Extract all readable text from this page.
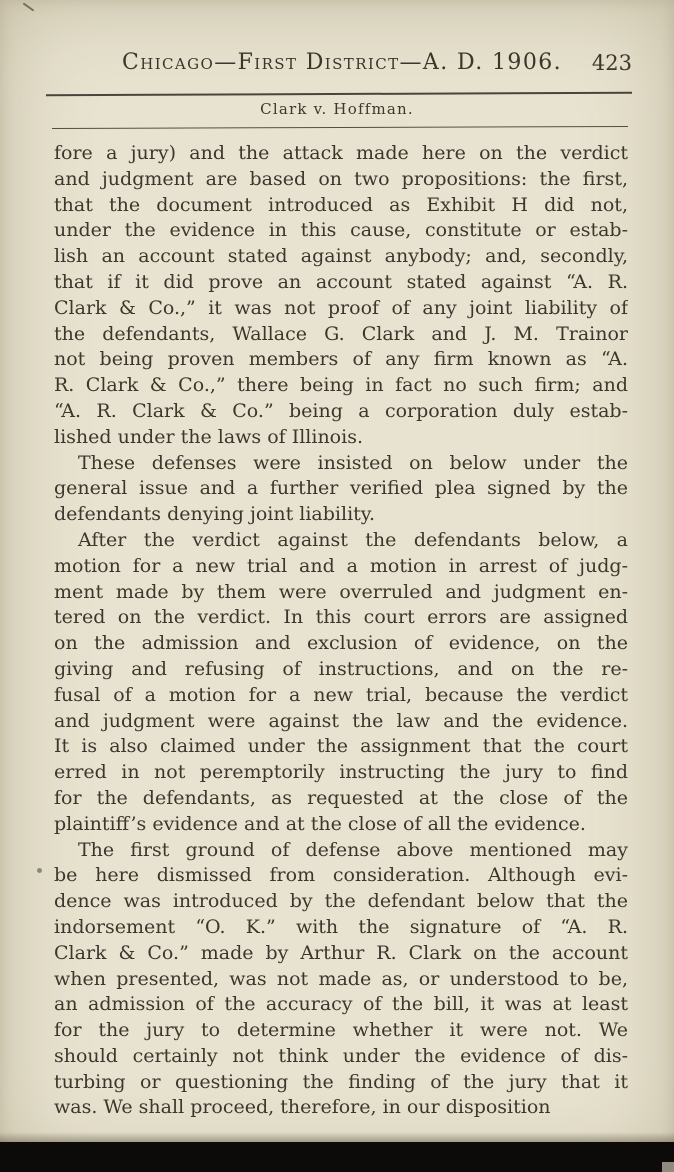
Chicago—First District—A. D. 1906.	423
Clark v. Hoffman.
fore a jury) and the attack made here on the verdict
and judgment are based on two propositions: the first,
that the document introduced as Exhibit H did not,
under the evidence in this cause, constitute or estab-
lish an account stated against anybody; and, secondly,
that if it did prove an account stated against “A. R.
Clark & Co.,” it was not proof of any joint liability of
the defendants, Wallace G. Clark and J. M. Trainor
not being proven members of any firm known as “A.
R. Clark & Co.,” there being in fact no such firm; and
“A. R. Clark & Co.” being a corporation duly estab-
lished under the laws of Illinois.
These defenses were insisted on below under the
general issue and a further verified plea signed by the
defendants denying joint liability.
After the verdict against the defendants below, a
motion for a new trial and a motion in arrest of judg-
ment made by them were overruled and judgment en-
tered on the verdict. In this court errors are assigned
on the admission and exclusion of evidence, on the
giving and refusing of instructions, and on the re-
fusal of a motion for a new trial, because the verdict
and judgment were against the law and the evidence.
It is also claimed under the assignment that the court
erred in not peremptorily instructing the jury to find
for the defendants, as requested at the close of the
plaintiff’s evidence and at the close of all the evidence.
The first ground of defense above mentioned may
be here dismissed from consideration. Although evi-
dence was introduced by the defendant below that the
indorsement “O. K.” with the signature of “A. R.
Clark & Co.” made by Arthur R. Clark on the account
when presented, was not made as, or understood to be,
an admission of the accuracy of the bill, it was at least
for the jury to determine whether it were not. We
should certainly not think under the evidence of dis-
turbing or questioning the finding of the jury that it
was. We shall proceed, therefore, in our disposition
